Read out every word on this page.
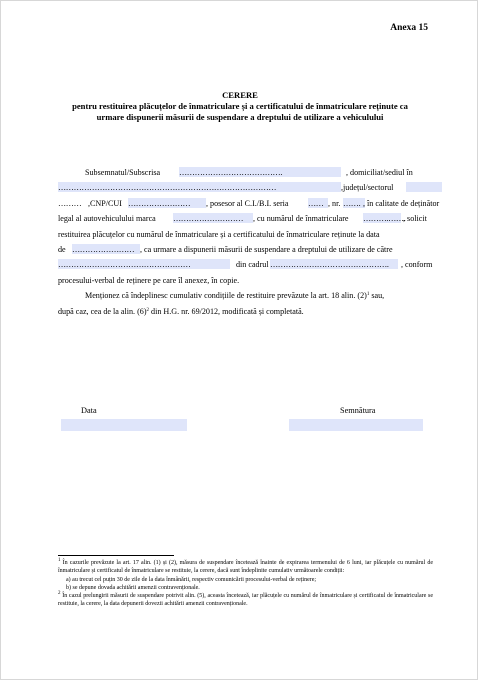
Anexa 15
CERERE
pentru restituirea plăcuțelor de înmatriculare și a certificatului de înmatriculare reținute ca
urmare dispunerii măsurii de suspendare a dreptului de utilizare a vehiculului
Subsemnatul/Subscrisa ………………………………….	, domiciliat/sediul în
…………………………………………………………………………	,județul/sectorul
……… ,CNP/CUI …………………… , posesor al C.I./B.I. seria …… , nr. ……. , în calitate de deținător
legal al autovehiculului marca ……………………… , cu numărul de înmatriculare ……….…….
, solicit
restituirea plăcuțelor cu numărul de înmatriculare și a certificatului de înmatriculare reținute la data
de …………………… , ca urmare a dispunerii măsurii de suspendare a dreptului de utilizare de către
……………………………………………	din cadrul ………………………………………. , conform
procesului-verbal de reținere pe care îl anexez, în copie.
Menționez că îndeplinesc cumulativ condițiile de restituire prevăzute la art. 18 alin. $(2)^1$ sau,
după caz, cea de la alin. $(6)^2$ din H.G. nr. 69/2012, modificată și completată.
Data	Semnătura

$^1$ În cazurile prevăzute la art. 17 alin. (1) și (2), măsura de suspendare încetează înainte de expirarea termenului de 6 luni, iar plăcuțele cu numărul de înmatriculare și certificatul de înmatriculare se restituie, la cerere, dacă sunt îndeplinite cumulativ următoarele condiții:

a) au trecut cel puțin 30 de zile de la data înmânării, respectiv comunicării procesului-verbal de reținere;

b) se depune dovada achitării amenzii contravenționale.

$^2$ În cazul prelungirii măsurii de suspendare potrivit alin. (5), aceasta încetează, iar plăcuțele cu numărul de înmatriculare și certificatul de înmatriculare se restituie, la cerere, la data depunerii dovezii achitării amenzii contravenționale.
